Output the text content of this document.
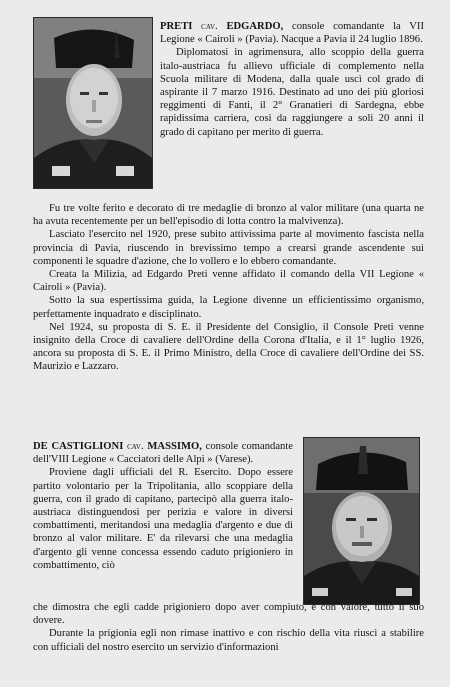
PRETI cav. EDGARDO, console comandante la VII Legione « Cairoli » (Pavia). Nacque a Pavia il 24 luglio 1896.

Diplomatosi in agrimensura, allo scoppio della guerra italo-austriaca fu allievo ufficiale di complemento nella Scuola militare di Modena, dalla quale uscì col grado di aspirante il 7 marzo 1916. Destinato ad uno dei più gloriosi reggimenti di Fanti, il 2° Granatieri di Sardegna, ebbe rapidissima carriera, così da raggiungere a soli 20 anni il grado di capitano per merito di guerra.

Fu tre volte ferito e decorato di tre medaglie di bronzo al valor militare (una quarta ne ha avuta recentemente per un bell'episodio di lotta contro la malvivenza).

Lasciato l'esercito nel 1920, prese subito attivissima parte al movimento fascista nella provincia di Pavia, riuscendo in brevissimo tempo a crearsi grande ascendente sui componenti le squadre d'azione, che lo vollero e lo ebbero comandante.

Creata la Milizia, ad Edgardo Preti venne affidato il comando della VII Legione « Cairoli » (Pavia).

Sotto la sua espertissima guida, la Legione divenne un efficientissimo organismo, perfettamente inquadrato e disciplinato.

Nel 1924, su proposta di S. E. il Presidente del Consiglio, il Console Preti venne insignito della Croce di cavaliere dell'Ordine della Corona d'Italia, e il 1° luglio 1926, ancora su proposta di S. E. il Primo Ministro, della Croce di cavaliere dell'Ordine dei SS. Maurizio e Lazzaro.

DE CASTIGLIONI cav. MASSIMO, console comandante dell'VIII Legione « Cacciatori delle Alpi » (Varese).

Proviene dagli ufficiali del R. Esercito. Dopo essere partito volontario per la Tripolitania, allo scoppiare della guerra, con il grado di capitano, partecipò alla guerra italo-austriaca distinguendosi per perizia e valore in diversi combattimenti, meritandosi una medaglia d'argento e due di bronzo al valor militare. E' da rilevarsi che una medaglia d'argento gli venne concessa essendo caduto prigioniero in combattimento, ciò

che dimostra che egli cadde prigioniero dopo aver compiuto, e con valore, tutto il suo dovere.

Durante la prigionia egli non rimase inattivo e con rischio della vita riuscì a stabilire con ufficiali del nostro esercito un servizio d'informazioni
